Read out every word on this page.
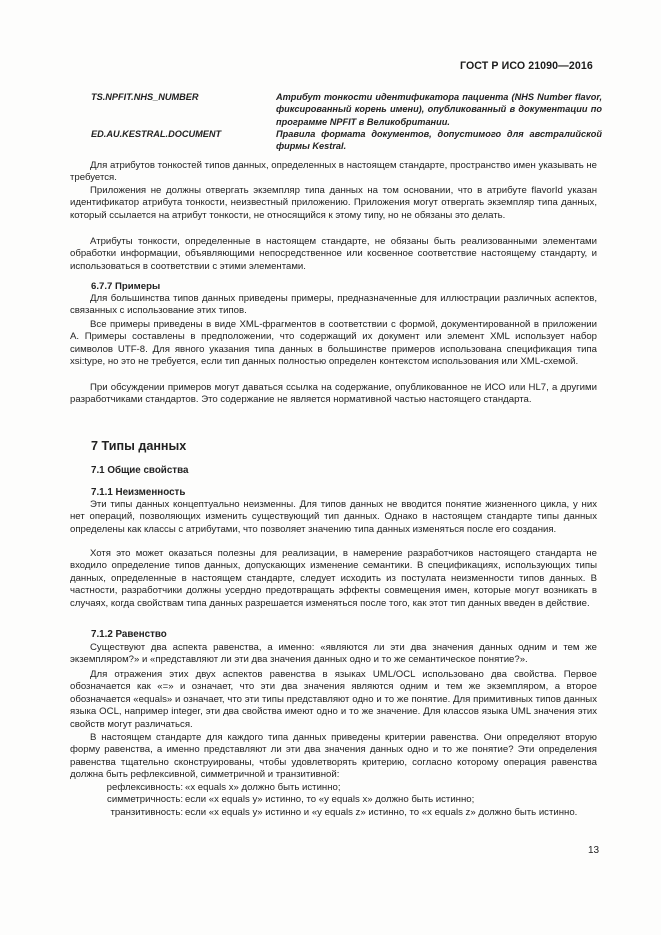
ГОСТ Р ИСО 21090—2016
TS.NPFIT.NHS_NUMBER	Атрибут тонкости идентификатора пациента (NHS Number flavor, фиксированный корень имени), опубликованный в документации по программе NPFIT в Великобритании.
ED.AU.KESTRAL.DOCUMENT	Правила формата документов, допустимого для австралийской фирмы Kestral.

Для атрибутов тонкостей типов данных, определенных в настоящем стандарте, пространство имен указывать не требуется.

Приложения не должны отвергать экземпляр типа данных на том основании, что в атрибуте flavorId указан идентификатор атрибута тонкости, неизвестный приложению. Приложения могут отвергать экземпляр типа данных, который ссылается на атрибут тонкости, не относящийся к этому типу, но не обязаны это делать.

Атрибуты тонкости, определенные в настоящем стандарте, не обязаны быть реализованными элементами обработки информации, объявляющими непосредственное или косвенное соответствие настоящему стандарту, и использоваться в соответствии с этими элементами.

6.7.7 Примеры

Для большинства типов данных приведены примеры, предназначенные для иллюстрации различных аспектов, связанных с использование этих типов.

Все примеры приведены в виде XML-фрагментов в соответствии с формой, документированной в приложении А. Примеры составлены в предположении, что содержащий их документ или элемент XML использует набор символов UTF-8. Для явного указания типа данных в большинстве примеров использована спецификация типа xsi:type, но это не требуется, если тип данных полностью определен контекстом использования или XML-схемой.

При обсуждении примеров могут даваться ссылка на содержание, опубликованное не ИСО или HL7, а другими разработчиками стандартов. Это содержание не является нормативной частью настоящего стандарта.

7 Типы данных
7.1 Общие свойства
7.1.1 Неизменность

Эти типы данных концептуально неизменны. Для типов данных не вводится понятие жизненного цикла, у них нет операций, позволяющих изменить существующий тип данных. Однако в настоящем стандарте типы данных определены как классы с атрибутами, что позволяет значению типа данных изменяться после его создания.

Хотя это может оказаться полезны для реализации, в намерение разработчиков настоящего стандарта не входило определение типов данных, допускающих изменение семантики. В спецификациях, использующих типы данных, определенные в настоящем стандарте, следует исходить из постулата неизменности типов данных. В частности, разработчики должны усердно предотвращать эффекты совмещения имен, которые могут возникать в случаях, когда свойствам типа данных разрешается изменяться после того, как этот тип данных введен в действие.

7.1.2 Равенство

Существуют два аспекта равенства, а именно: «являются ли эти два значения данных одним и тем же экземпляром?» и «представляют ли эти два значения данных одно и то же семантическое понятие?».

Для отражения этих двух аспектов равенства в языках UML/OCL использовано два свойства. Первое обозначается как «=» и означает, что эти два значения являются одним и тем же экземпляром, а второе обозначается «equals» и означает, что эти типы представляют одно и то же понятие. Для примитивных типов данных языка OCL, например integer, эти два свойства имеют одно и то же значение. Для классов языка UML значения этих свойств могут различаться.

В настоящем стандарте для каждого типа данных приведены критерии равенства. Они определяют вторую форму равенства, а именно представляют ли эти два значения данных одно и то же понятие? Эти определения равенства тщательно сконструированы, чтобы удовлетворять критерию, согласно которому операция равенства должна быть рефлексивной, симметричной и транзитивной:

рефлексивность: «x equals x» должно быть истинно;
симметричность: если «x equals y» истинно, то «y equals x» должно быть истинно;
транзитивность: если «x equals y» истинно и «y equals z» истинно, то «x equals z» должно быть истинно.
13
